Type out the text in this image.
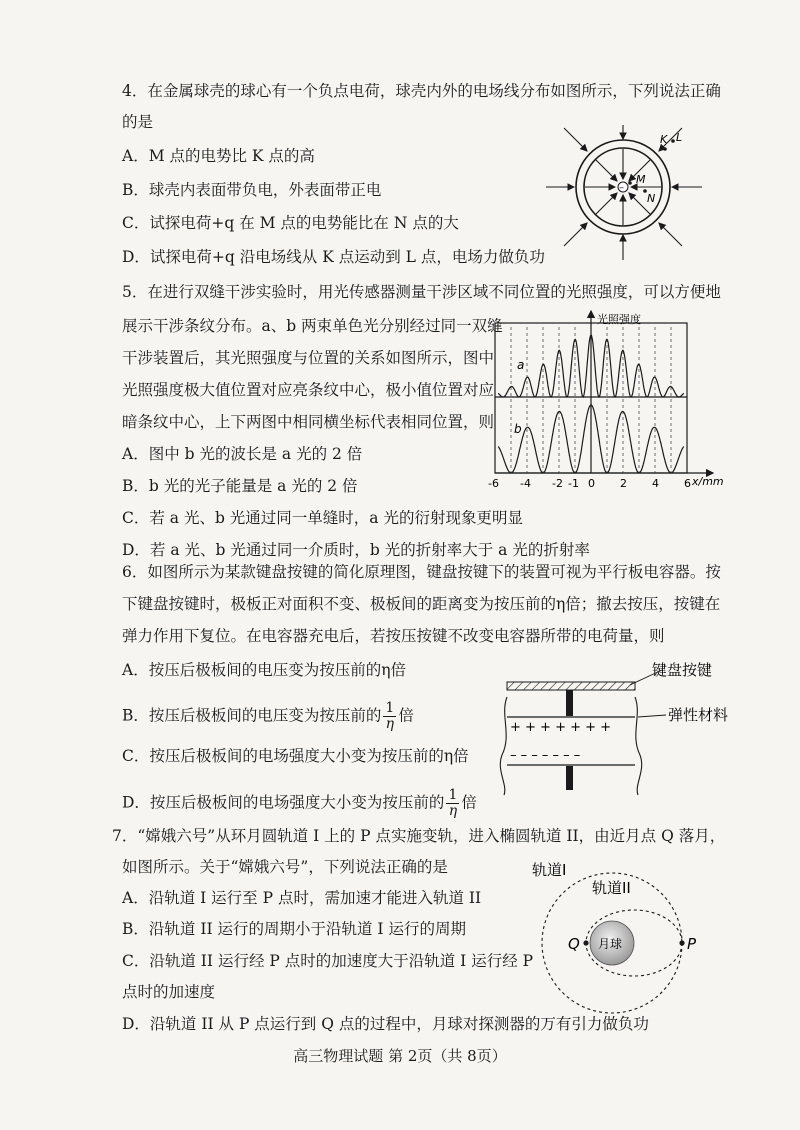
4．在金属球壳的球心有一个负点电荷，球壳内外的电场线分布如图所示，下列说法正确
的是
A．M 点的电势比 K 点的高
B．球壳内表面带负电，外表面带正电
C．试探电荷+q 在 M 点的电势能比在 N 点的大
D．试探电荷+q 沿电场线从 K 点运动到 L 点，电场力做负功
–
M
N
K L
5．在进行双缝干涉实验时，用光传感器测量干涉区域不同位置的光照强度，可以方便地
展示干涉条纹分布。a、b 两束单色光分别经过同一双缝
干涉装置后，其光照强度与位置的关系如图所示，图中
光照强度极大值位置对应亮条纹中心，极小值位置对应
暗条纹中心，上下两图中相同横坐标代表相同位置，则
A．图中 b 光的波长是 a 光的 2 倍
B．b 光的光子能量是 a 光的 2 倍
C．若 a 光、b 光通过同一单缝时，a 光的衍射现象更明显
D．若 a 光、b 光通过同一介质时，b 光的折射率大于 a 光的折射率
光照强度
a
b
x/mm
-6 -4 -2 -1 0 2 4 6
6．如图所示为某款键盘按键的简化原理图，键盘按键下的装置可视为平行板电容器。按
下键盘按键时，极板正对面积不变、极板间的距离变为按压前的η倍；撤去按压，按键在
弹力作用下复位。在电容器充电后，若按压按键不改变电容器所带的电荷量，则
A．按压后极板间的电压变为按压前的η倍
B．按压后极板间的电压变为按压前的 $\frac{1}{\eta}$ 倍
C．按压后极板间的电场强度大小变为按压前的η倍
D．按压后极板间的电场强度大小变为按压前的 $\frac{1}{\eta}$ 倍
+ + + + + + +
– – – – – – –
键盘按键
弹性材料
7．“嫦娥六号”从环月圆轨道 I 上的 P 点实施变轨，进入椭圆轨道 II，由近月点 Q 落月，
如图所示。关于“嫦娥六号”，下列说法正确的是
A．沿轨道 I 运行至 P 点时，需加速才能进入轨道 II
B．沿轨道 II 运行的周期小于沿轨道 I 运行的周期
C．沿轨道 II 运行经 P 点时的加速度大于沿轨道 I 运行经 P
点时的加速度
D．沿轨道 II 从 P 点运行到 Q 点的过程中，月球对探测器的万有引力做负功
月球	P
Q
轨道I
轨道II
高三物理试题 第 2页（共 8页）
